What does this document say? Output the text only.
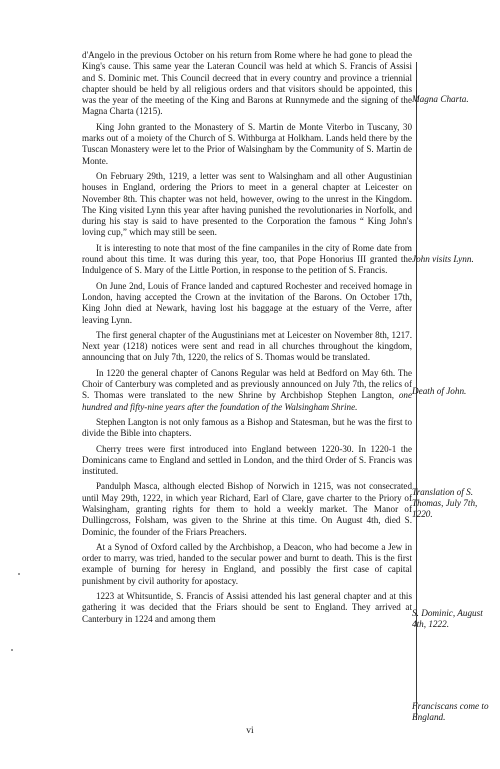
d'Angelo in the previous October on his return from Rome where he had gone to plead the King's cause. This same year the Lateran Council was held at which S. Francis of Assisi and S. Dominic met. This Council decreed that in every country and province a triennial chapter should be held by all religious orders and that visitors should be appointed, this was the year of the meeting of the King and Barons at Runnymede and the signing of the Magna Charta (1215).

King John granted to the Monastery of S. Martin de Monte Viterbo in Tuscany, 30 marks out of a moiety of the Church of S. Withburga at Holkham. Lands held there by the Tuscan Monastery were let to the Prior of Walsingham by the Community of S. Martin de Monte.

On February 29th, 1219, a letter was sent to Walsingham and all other Augustinian houses in England, ordering the Priors to meet in a general chapter at Leicester on November 8th. This chapter was not held, however, owing to the unrest in the Kingdom. The King visited Lynn this year after having punished the revolutionaries in Norfolk, and during his stay is said to have presented to the Corporation the famous “ King John's loving cup,” which may still be seen.

It is interesting to note that most of the fine campaniles in the city of Rome date from round about this time. It was during this year, too, that Pope Honorius III granted the Indulgence of S. Mary of the Little Portion, in response to the petition of S. Francis.

On June 2nd, Louis of France landed and captured Rochester and received homage in London, having accepted the Crown at the invitation of the Barons. On October 17th, King John died at Newark, having lost his baggage at the estuary of the Verre, after leaving Lynn.

The first general chapter of the Augustinians met at Leicester on November 8th, 1217. Next year (1218) notices were sent and read in all churches throughout the kingdom, announcing that on July 7th, 1220, the relics of S. Thomas would be translated.

In 1220 the general chapter of Canons Regular was held at Bedford on May 6th. The Choir of Canterbury was completed and as previously announced on July 7th, the relics of S. Thomas were translated to the new Shrine by Archbishop Stephen Langton, one hundred and fifty-nine years after the foundation of the Walsingham Shrine.

Stephen Langton is not only famous as a Bishop and Statesman, but he was the first to divide the Bible into chapters.

Cherry trees were first introduced into England between 1220-30. In 1220-1 the Dominicans came to England and settled in London, and the third Order of S. Francis was instituted.

Pandulph Masca, although elected Bishop of Norwich in 1215, was not consecrated until May 29th, 1222, in which year Richard, Earl of Clare, gave charter to the Priory of Walsingham, granting rights for them to hold a weekly market. The Manor of Dullingcross, Folsham, was given to the Shrine at this time. On August 4th, died S. Dominic, the founder of the Friars Preachers.

At a Synod of Oxford called by the Archbishop, a Deacon, who had become a Jew in order to marry, was tried, handed to the secular power and burnt to death. This is the first example of burning for heresy in England, and possibly the first case of capital punishment by civil authority for apostacy.

1223 at Whitsuntide, S. Francis of Assisi attended his last general chapter and at this gathering it was decided that the Friars should be sent to England. They arrived at Canterbury in 1224 and among them

Magna Charta.
John visits Lynn.
Death of John.
Translation of S. Thomas, July 7th, 1220.
S. Dominic, August 4th, 1222.
Franciscans come to England.
vi
